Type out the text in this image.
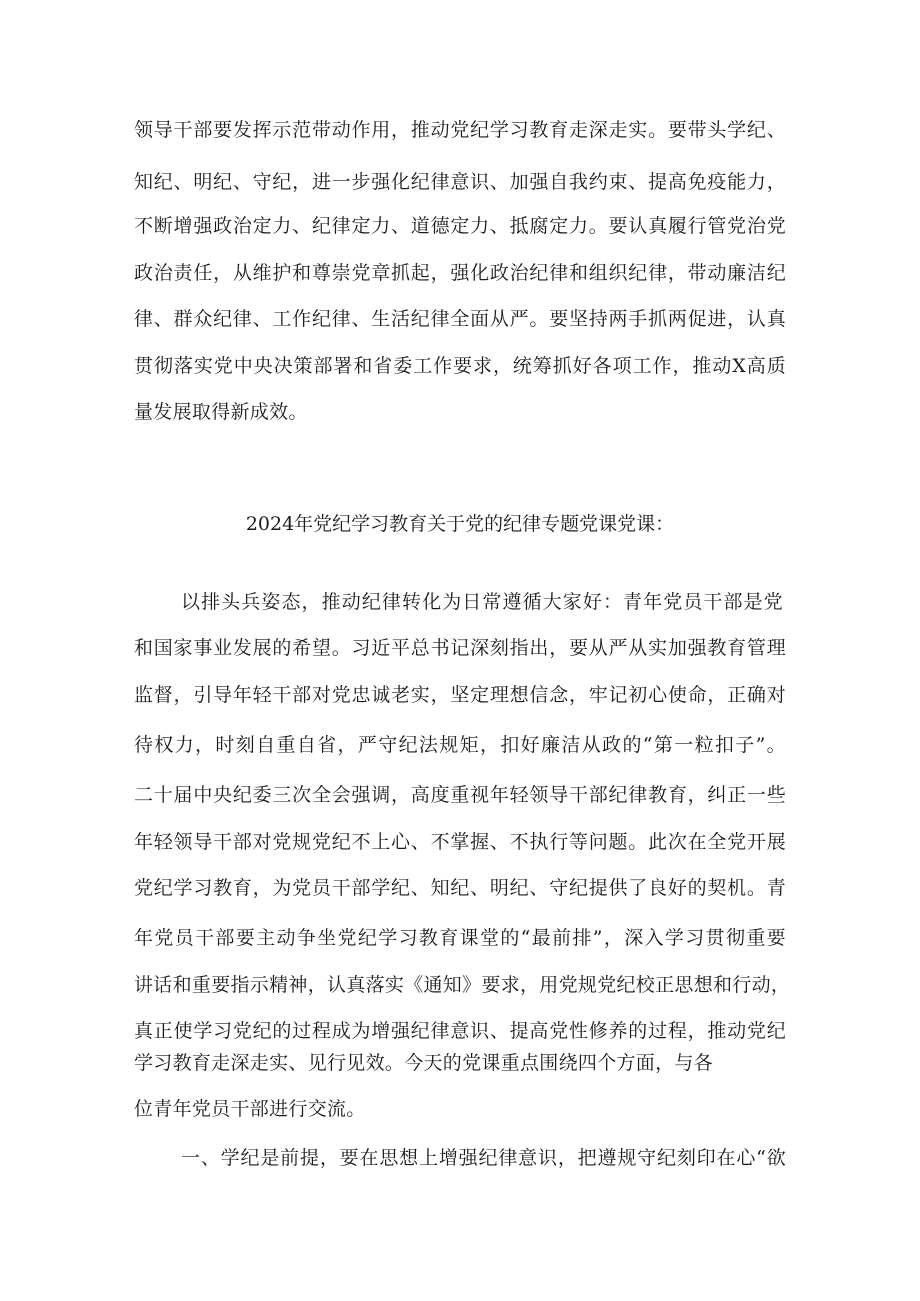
领导干部要发挥示范带动作用，推动党纪学习教育走深走实。要带头学纪、
知纪、明纪、守纪，进一步强化纪律意识、加强自我约束、提高免疫能力，
不断增强政治定力、纪律定力、道德定力、抵腐定力。要认真履行管党治党
政治责任，从维护和尊崇党章抓起，强化政治纪律和组织纪律，带动廉洁纪
律、群众纪律、工作纪律、生活纪律全面从严。要坚持两手抓两促进，认真
贯彻落实党中央决策部署和省委工作要求，统筹抓好各项工作，推动X高质
量发展取得新成效。
2024年党纪学习教育关于党的纪律专题党课党课：
以排头兵姿态，推动纪律转化为日常遵循大家好：青年党员干部是党
和国家事业发展的希望。习近平总书记深刻指出，要从严从实加强教育管理
监督，引导年轻干部对党忠诚老实，坚定理想信念，牢记初心使命，正确对
待权力，时刻自重自省，严守纪法规矩，扣好廉洁从政的“第一粒扣子”。
二十届中央纪委三次全会强调，高度重视年轻领导干部纪律教育，纠正一些
年轻领导干部对党规党纪不上心、不掌握、不执行等问题。此次在全党开展
党纪学习教育，为党员干部学纪、知纪、明纪、守纪提供了良好的契机。青
年党员干部要主动争坐党纪学习教育课堂的“最前排”，深入学习贯彻重要
讲话和重要指示精神，认真落实《通知》要求，用党规党纪校正思想和行动，
真正使学习党纪的过程成为增强纪律意识、提高党性修养的过程，推动党纪
学习教育走深走实、见行见效。今天的党课重点围绕四个方面，与各
位青年党员干部进行交流。
一、学纪是前提，要在思想上增强纪律意识，把遵规守纪刻印在心“欲
